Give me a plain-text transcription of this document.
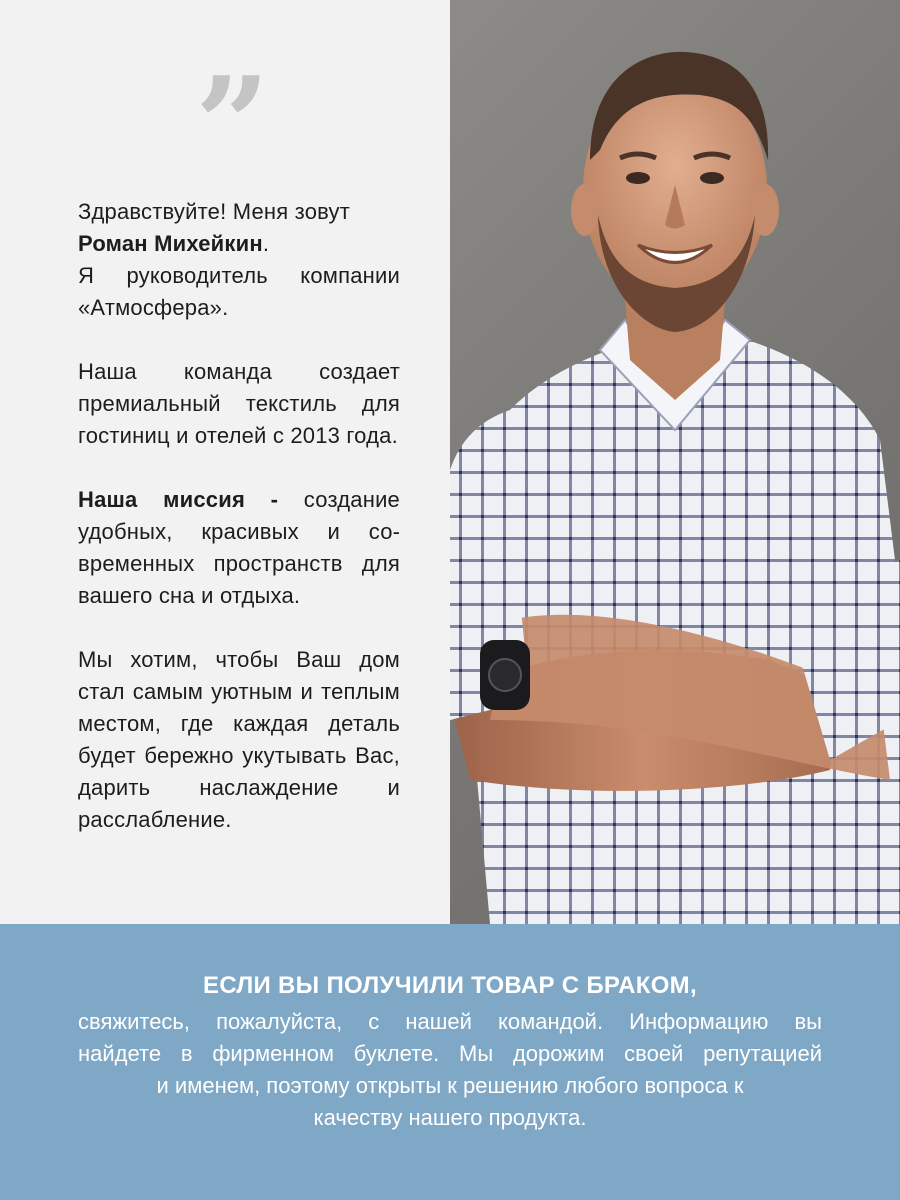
”

Здравствуйте! Меня зовут
Роман Михейкин.
Я руководитель компании «Атмосфера».

Наша команда создает премиальный текстиль для гостиниц и отелей с 2013 года.

Наша миссия - создание удобных, красивых и современных пространств для вашего сна и отдыха.

Мы хотим, чтобы Ваш дом стал самым уютным и теплым местом, где каждая деталь будет бережно укутывать Вас, дарить наслаждение и расслабление.

ЕСЛИ ВЫ ПОЛУЧИЛИ ТОВАР С БРАКОМ,
свяжитесь, пожалуйста, с нашей командой. Информацию вы
найдете в фирменном буклете. Мы дорожим своей репутацией
и именем, поэтому открыты к решению любого вопроса к
качеству нашего продукта.
